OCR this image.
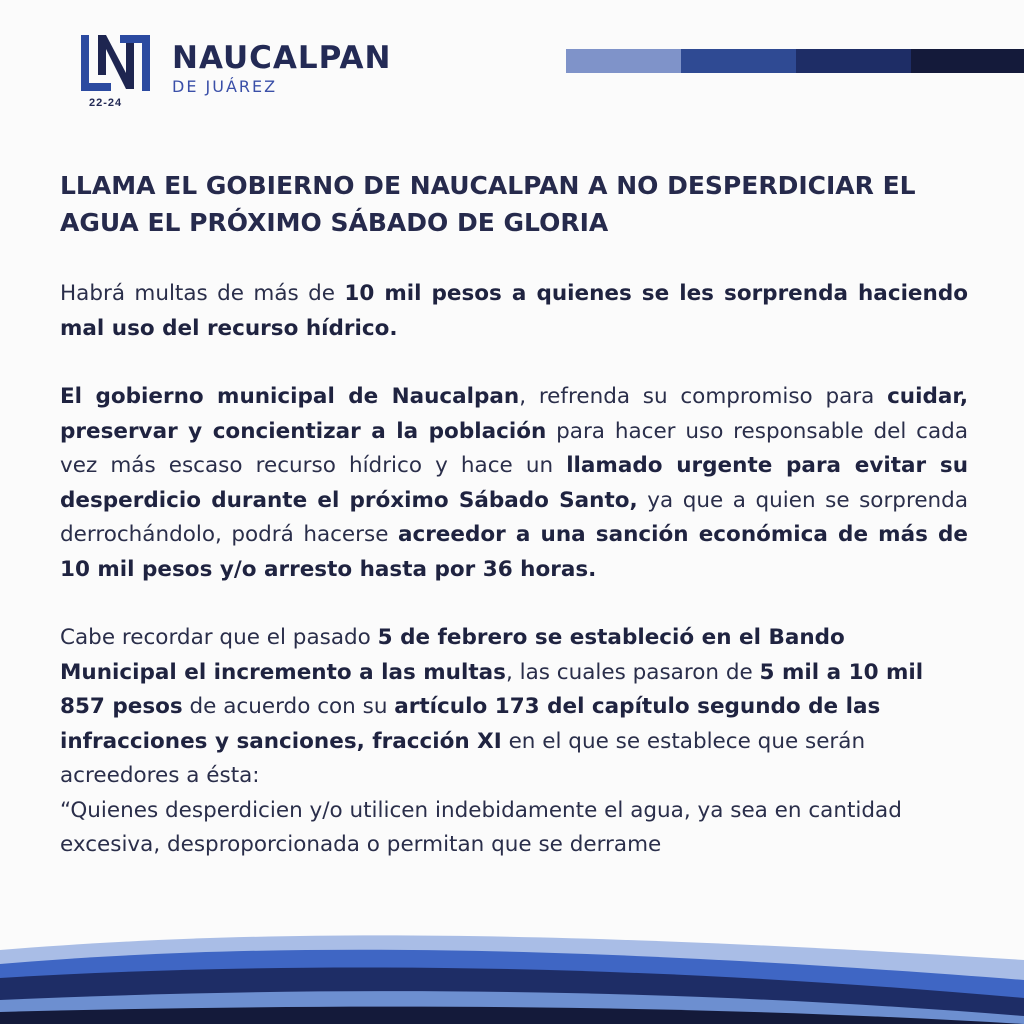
22-24
NAUCALPAN
DE JUÁREZ
LLAMA EL GOBIERNO DE NAUCALPAN A NO DESPERDICIAR EL AGUA EL PRÓXIMO SÁBADO DE GLORIA

Habrá multas de más de 10 mil pesos a quienes se les sorprenda haciendo mal uso del recurso hídrico.

El gobierno municipal de Naucalpan, refrenda su compromiso para cuidar, preservar y concientizar a la población para hacer uso responsable del cada vez más escaso recurso hídrico y hace un llamado urgente para evitar su desperdicio durante el próximo Sábado Santo, ya que a quien se sorprenda derrochándolo, podrá hacerse acreedor a una sanción económica de más de 10 mil pesos y/o arresto hasta por 36 horas.

Cabe recordar que el pasado 5 de febrero se estableció en el Bando Municipal el incremento a las multas, las cuales pasaron de 5 mil a 10 mil 857 pesos de acuerdo con su artículo 173 del capítulo segundo de las infracciones y sanciones, fracción XI en el que se establece que serán acreedores a ésta:
“Quienes desperdicien y/o utilicen indebidamente el agua, ya sea en cantidad excesiva, desproporcionada o permitan que se derrame
